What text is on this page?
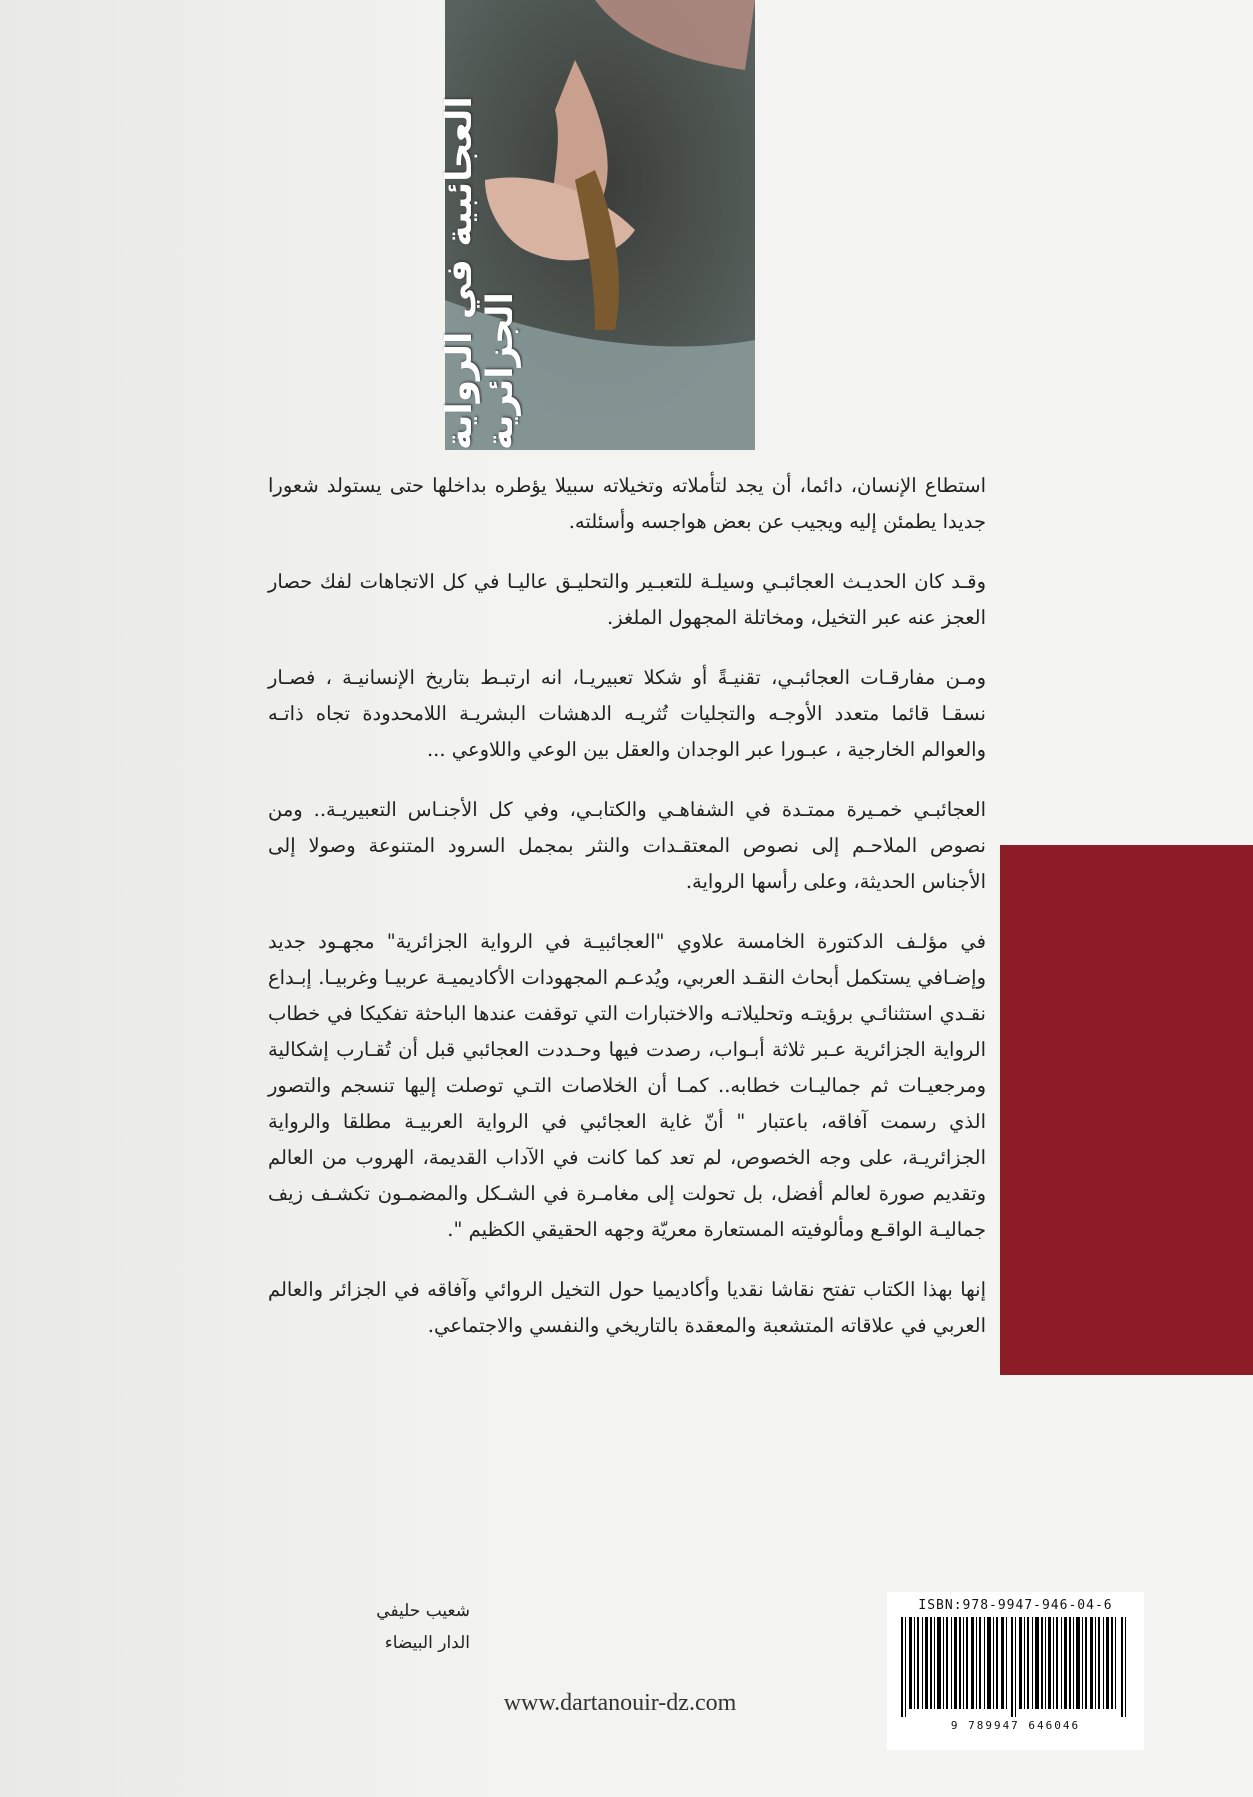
العجائبية في الرواية الجزائرية

استطاع الإنسان، دائما، أن يجد لتأملاته وتخيلاته سبيلا يؤطره بداخلها حتى يستولد شعورا جديدا يطمئن إليه ويجيب عن بعض هواجسه وأسئلته.

وقـد كان الحديـث العجائبـي وسيلـة للتعبـير والتحليـق عاليـا في كل الاتجاهات لفك حصار العجز عنه عبر التخيل، ومخاتلة المجهول الملغز.

ومـن مفارقـات العجائبـي، تقنيـةً أو شكلا تعبيريـا، انه ارتبـط بتاريخ الإنسانيـة ، فصـار نسقـا قائما متعدد الأوجـه والتجليات تُثريـه الدهشات البشريـة اللامحدودة تجاه ذاتـه والعوالم الخارجية ، عبـورا عبر الوجدان والعقل بين الوعي واللاوعي ...

العجائبـي خمـيرة ممتـدة في الشفاهـي والكتابـي، وفي كل الأجنـاس التعبيريـة.. ومن نصوص الملاحـم إلى نصوص المعتقـدات والنثر بمجمل السرود المتنوعة وصولا إلى الأجناس الحديثة، وعلى رأسها الرواية.

في مؤلـف الدكتورة الخامسة علاوي "العجائبيـة في الرواية الجزائرية" مجهـود جديد وإضـافي يستكمل أبحاث النقـد العربي، ويُدعـم المجهودات الأكاديميـة عربيـا وغربيـا. إبـداع نقـدي استثنائـي برؤيتـه وتحليلاتـه والاختبارات التي توقفت عندها الباحثة تفكيكا في خطاب الرواية الجزائرية عـبر ثلاثة أبـواب، رصدت فيها وحـددت العجائبي قبل أن تُقـارب إشكالية ومرجعيـات ثم جماليـات خطابه.. كمـا أن الخلاصات التـي توصلت إليها تنسجم والتصور الذي رسمت آفاقه، باعتبار " أنّ غاية العجائبي في الرواية العربيـة مطلقا والرواية الجزائريـة، على وجه الخصوص، لم تعد كما كانت في الآداب القديمة، الهروب من العالم وتقديم صورة لعالم أفضل، بل تحولت إلى مغامـرة في الشـكل والمضمـون تكشـف زيف جماليـة الواقـع ومألوفيته المستعارة معريّة وجهه الحقيقي الكظيم ".

إنها بهذا الكتاب تفتح نقاشا نقديا وأكاديميا حول التخيل الروائي وآفاقه في الجزائر والعالم العربي في علاقاته المتشعبة والمعقدة بالتاريخي والنفسي والاجتماعي.

شعيب حليفي
الدار البيضاء
ISBN:978-9947-946-04-6
9 789947 646046
www.dartanouir-dz.com
